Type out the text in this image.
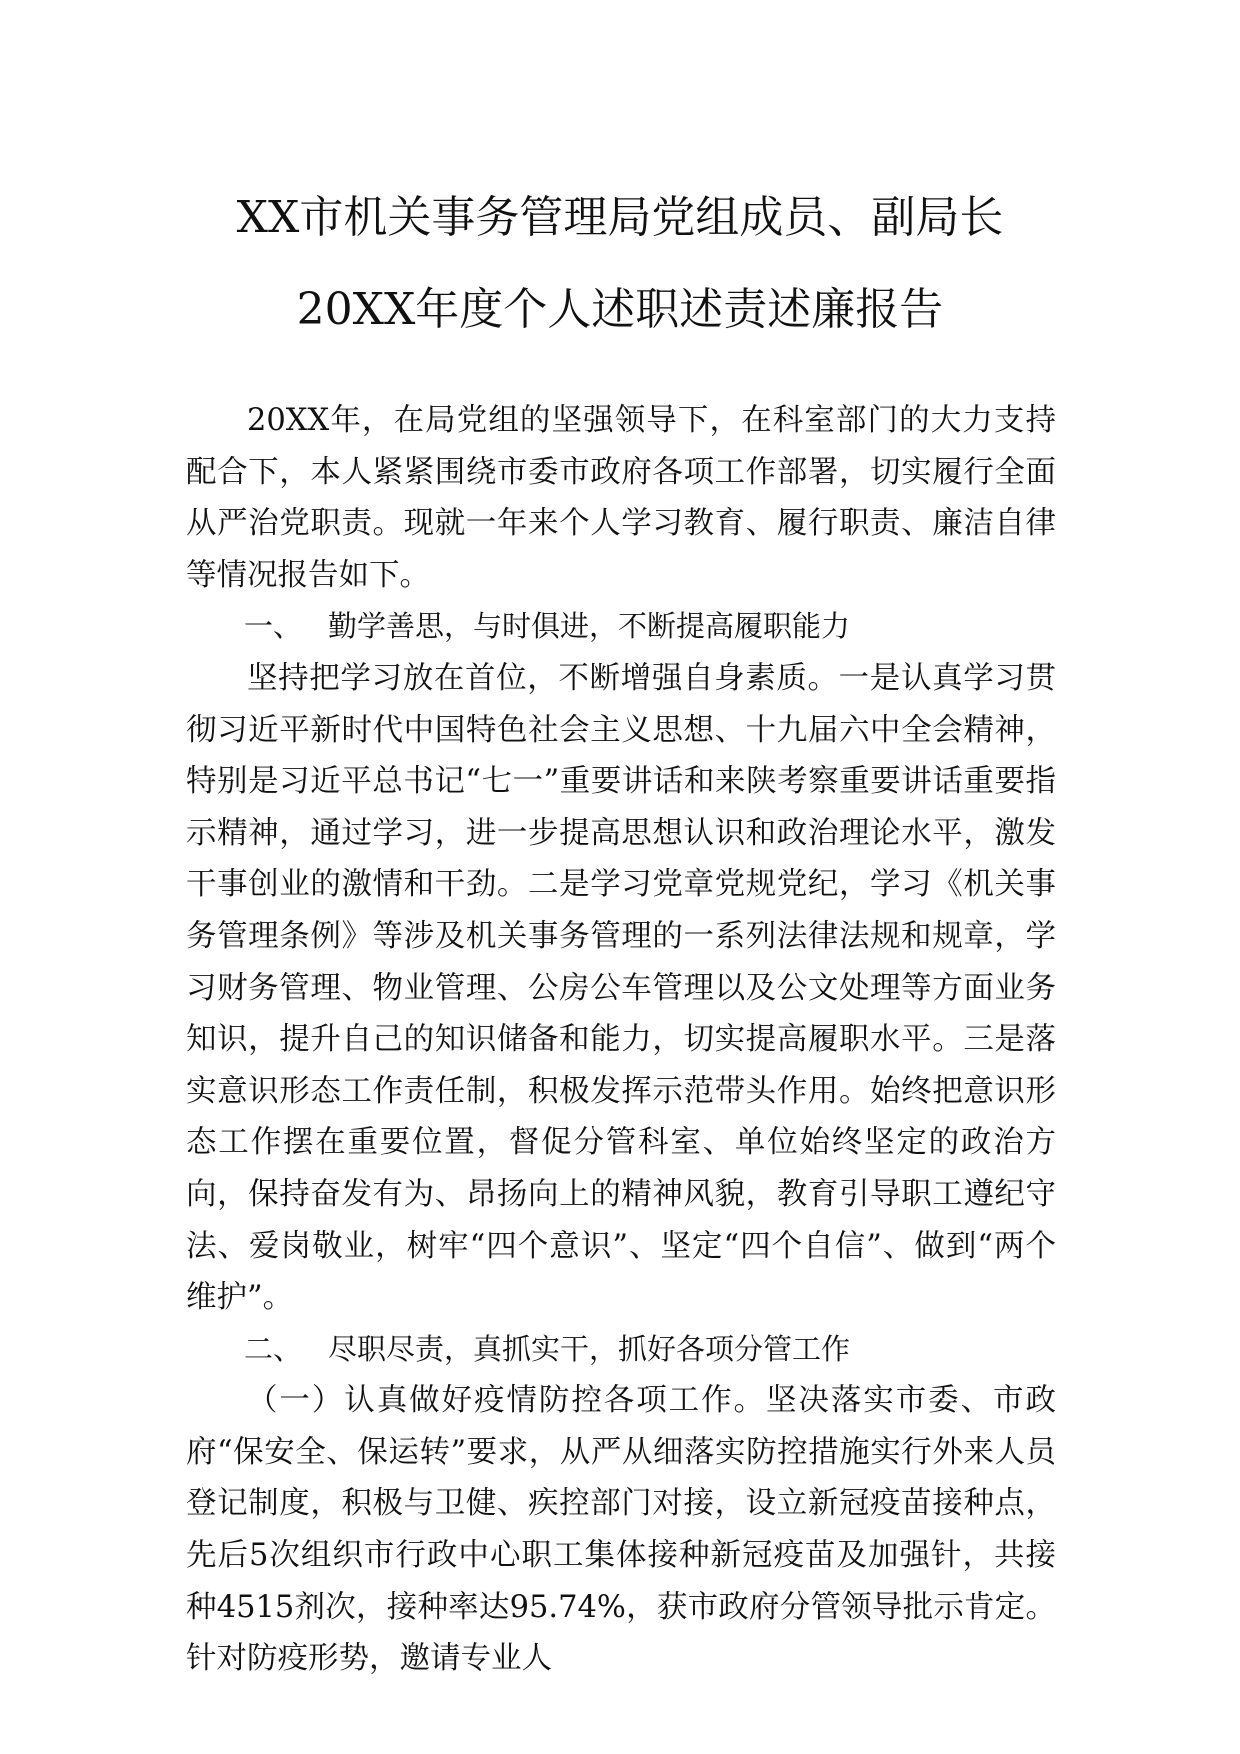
XX市机关事务管理局党组成员、副局长
20XX年度个人述职述责述廉报告

20XX年，在局党组的坚强领导下，在科室部门的大力支持配合下，本人紧紧围绕市委市政府各项工作部署，切实履行全面从严治党职责。现就一年来个人学习教育、履行职责、廉洁自律等情况报告如下。

一、 勤学善思，与时俱进，不断提高履职能力

坚持把学习放在首位，不断增强自身素质。一是认真学习贯彻习近平新时代中国特色社会主义思想、十九届六中全会精神，特别是习近平总书记“七一”重要讲话和来陕考察重要讲话重要指示精神，通过学习，进一步提高思想认识和政治理论水平，激发干事创业的激情和干劲。二是学习党章党规党纪，学习《机关事务管理条例》等涉及机关事务管理的一系列法律法规和规章，学习财务管理、物业管理、公房公车管理以及公文处理等方面业务知识，提升自己的知识储备和能力，切实提高履职水平。三是落实意识形态工作责任制，积极发挥示范带头作用。始终把意识形态工作摆在重要位置，督促分管科室、单位始终坚定的政治方向，保持奋发有为、昂扬向上的精神风貌，教育引导职工遵纪守法、爱岗敬业，树牢“四个意识”、坚定“四个自信”、做到“两个维护”。

二、 尽职尽责，真抓实干，抓好各项分管工作

（一）认真做好疫情防控各项工作。坚决落实市委、市政府“保安全、保运转”要求，从严从细落实防控措施实行外来人员登记制度，积极与卫健、疾控部门对接，设立新冠疫苗接种点，先后5次组织市行政中心职工集体接种新冠疫苗及加强针，共接种4515剂次，接种率达95.74%，获市政府分管领导批示肯定。针对防疫形势，邀请专业人
